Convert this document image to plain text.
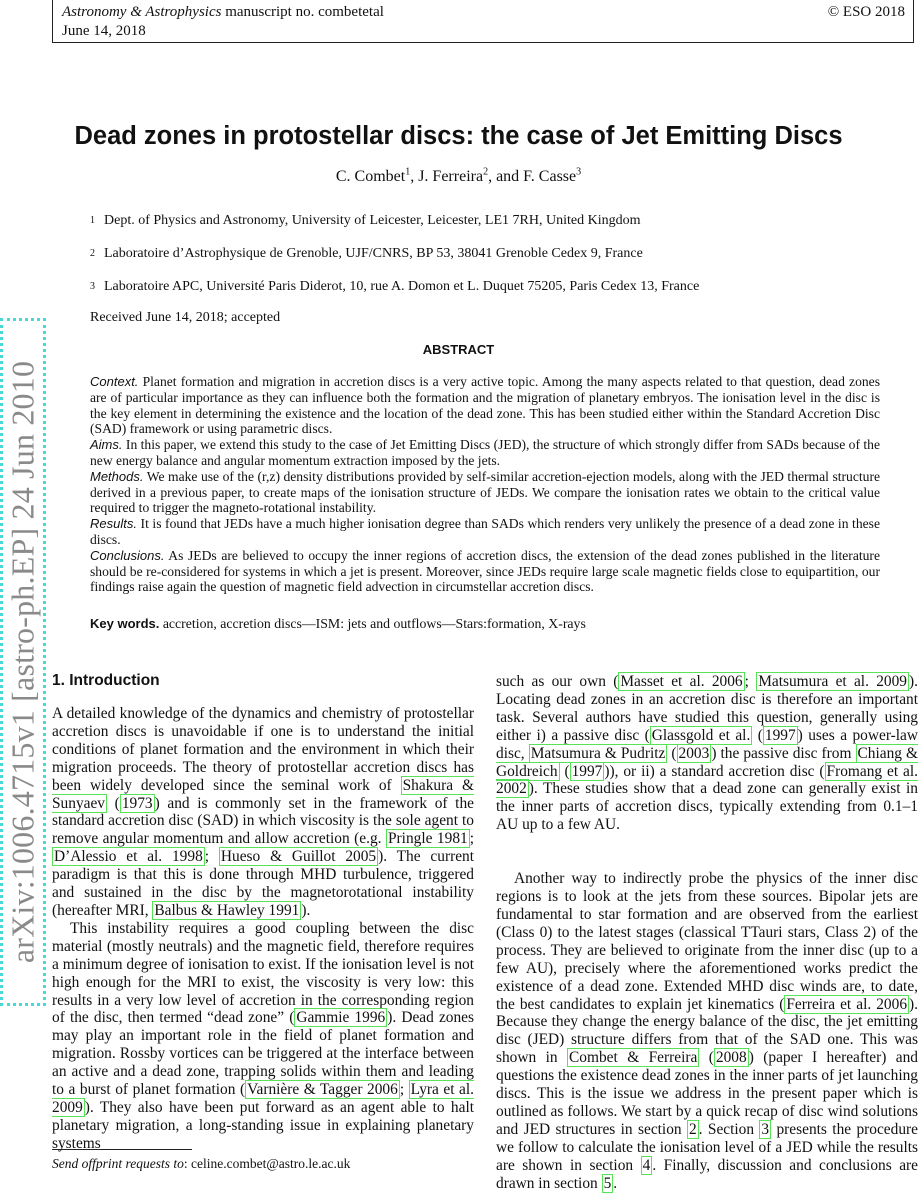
Astronomy & Astrophysics manuscript no. combetetal	© ESO 2018
June 14, 2018
arXiv:1006.4715v1 [astro-ph.EP] 24 Jun 2010
Dead zones in protostellar discs: the case of Jet Emitting Discs
C. Combet$^1$, J. Ferreira$^2$, and F. Casse$^3$
1 Dept. of Physics and Astronomy, University of Leicester, Leicester, LE1 7RH, United Kingdom
2 Laboratoire d’Astrophysique de Grenoble, UJF/CNRS, BP 53, 38041 Grenoble Cedex 9, France
3 Laboratoire APC, Université Paris Diderot, 10, rue A. Domon et L. Duquet 75205, Paris Cedex 13, France
Received June 14, 2018; accepted
ABSTRACT
Context. Planet formation and migration in accretion discs is a very active topic. Among the many aspects related to that question, dead zones are of particular importance as they can influence both the formation and the migration of planetary embryos. The ionisation level in the disc is the key element in determining the existence and the location of the dead zone. This has been studied either within the Standard Accretion Disc (SAD) framework or using parametric discs.
Aims. In this paper, we extend this study to the case of Jet Emitting Discs (JED), the structure of which strongly differ from SADs because of the new energy balance and angular momentum extraction imposed by the jets.
Methods. We make use of the (r,z) density distributions provided by self-similar accretion-ejection models, along with the JED thermal structure derived in a previous paper, to create maps of the ionisation structure of JEDs. We compare the ionisation rates we obtain to the critical value required to trigger the magneto-rotational instability.
Results. It is found that JEDs have a much higher ionisation degree than SADs which renders very unlikely the presence of a dead zone in these discs.
Conclusions. As JEDs are believed to occupy the inner regions of accretion discs, the extension of the dead zones published in the literature should be re-considered for systems in which a jet is present. Moreover, since JEDs require large scale magnetic fields close to equipartition, our findings raise again the question of magnetic field advection in circumstellar accretion discs.
Key words. accretion, accretion discs—ISM: jets and outflows—Stars:formation, X-rays
1. Introduction

A detailed knowledge of the dynamics and chemistry of protostellar accretion discs is unavoidable if one is to understand the initial conditions of planet formation and the environment in which their migration proceeds. The theory of protostellar accretion discs has been widely developed since the seminal work of Shakura & Sunyaev ( 1973 ) and is commonly set in the framework of the standard accretion disc (SAD) in which viscosity is the sole agent to remove angular momentum and allow accretion (e.g. Pringle 1981 ; D’Alessio et al. 1998 ; Hueso & Guillot 2005 ). The current paradigm is that this is done through MHD turbulence, triggered and sustained in the disc by the magnetorotational instability (hereafter MRI, Balbus & Hawley 1991 ).

This instability requires a good coupling between the disc material (mostly neutrals) and the magnetic field, therefore requires a minimum degree of ionisation to exist. If the ionisation level is not high enough for the MRI to exist, the viscosity is very low: this results in a very low level of accretion in the corresponding region of the disc, then termed “dead zone” ( Gammie 1996 ). Dead zones may play an important role in the field of planet formation and migration. Rossby vortices can be triggered at the interface between an active and a dead zone, trapping solids within them and leading to a burst of planet formation ( Varnière & Tagger 2006 ; Lyra et al. 2009 ). They also have been put forward as an agent able to halt planetary migration, a long-standing issue in explaining planetary systems

such as our own ( Masset et al. 2006 ; Matsumura et al. 2009 ). Locating dead zones in an accretion disc is therefore an important task. Several authors have studied this question, generally using either i) a passive disc ( Glassgold et al. ( 1997 ) uses a power-law disc, Matsumura & Pudritz ( 2003 ) the passive disc from Chiang & Goldreich ( 1997 )), or ii) a standard accretion disc ( Fromang et al. 2002 ). These studies show that a dead zone can generally exist in the inner parts of accretion discs, typically extending from 0.1–1 AU up to a few AU.

Another way to indirectly probe the physics of the inner disc regions is to look at the jets from these sources. Bipolar jets are fundamental to star formation and are observed from the earliest (Class 0) to the latest stages (classical TTauri stars, Class 2) of the process. They are believed to originate from the inner disc (up to a few AU), precisely where the aforementioned works predict the existence of a dead zone. Extended MHD disc winds are, to date, the best candidates to explain jet kinematics ( Ferreira et al. 2006 ). Because they change the energy balance of the disc, the jet emitting disc (JED) structure differs from that of the SAD one. This was shown in Combet & Ferreira ( 2008 ) (paper I hereafter) and questions the existence dead zones in the inner parts of jet launching discs. This is the issue we address in the present paper which is outlined as follows. We start by a quick recap of disc wind solutions and JED structures in section 2 . Section 3 presents the procedure we follow to calculate the ionisation level of a JED while the results are shown in section 4 . Finally, discussion and conclusions are drawn in section 5 .

Send offprint requests to: celine.combet@astro.le.ac.uk
